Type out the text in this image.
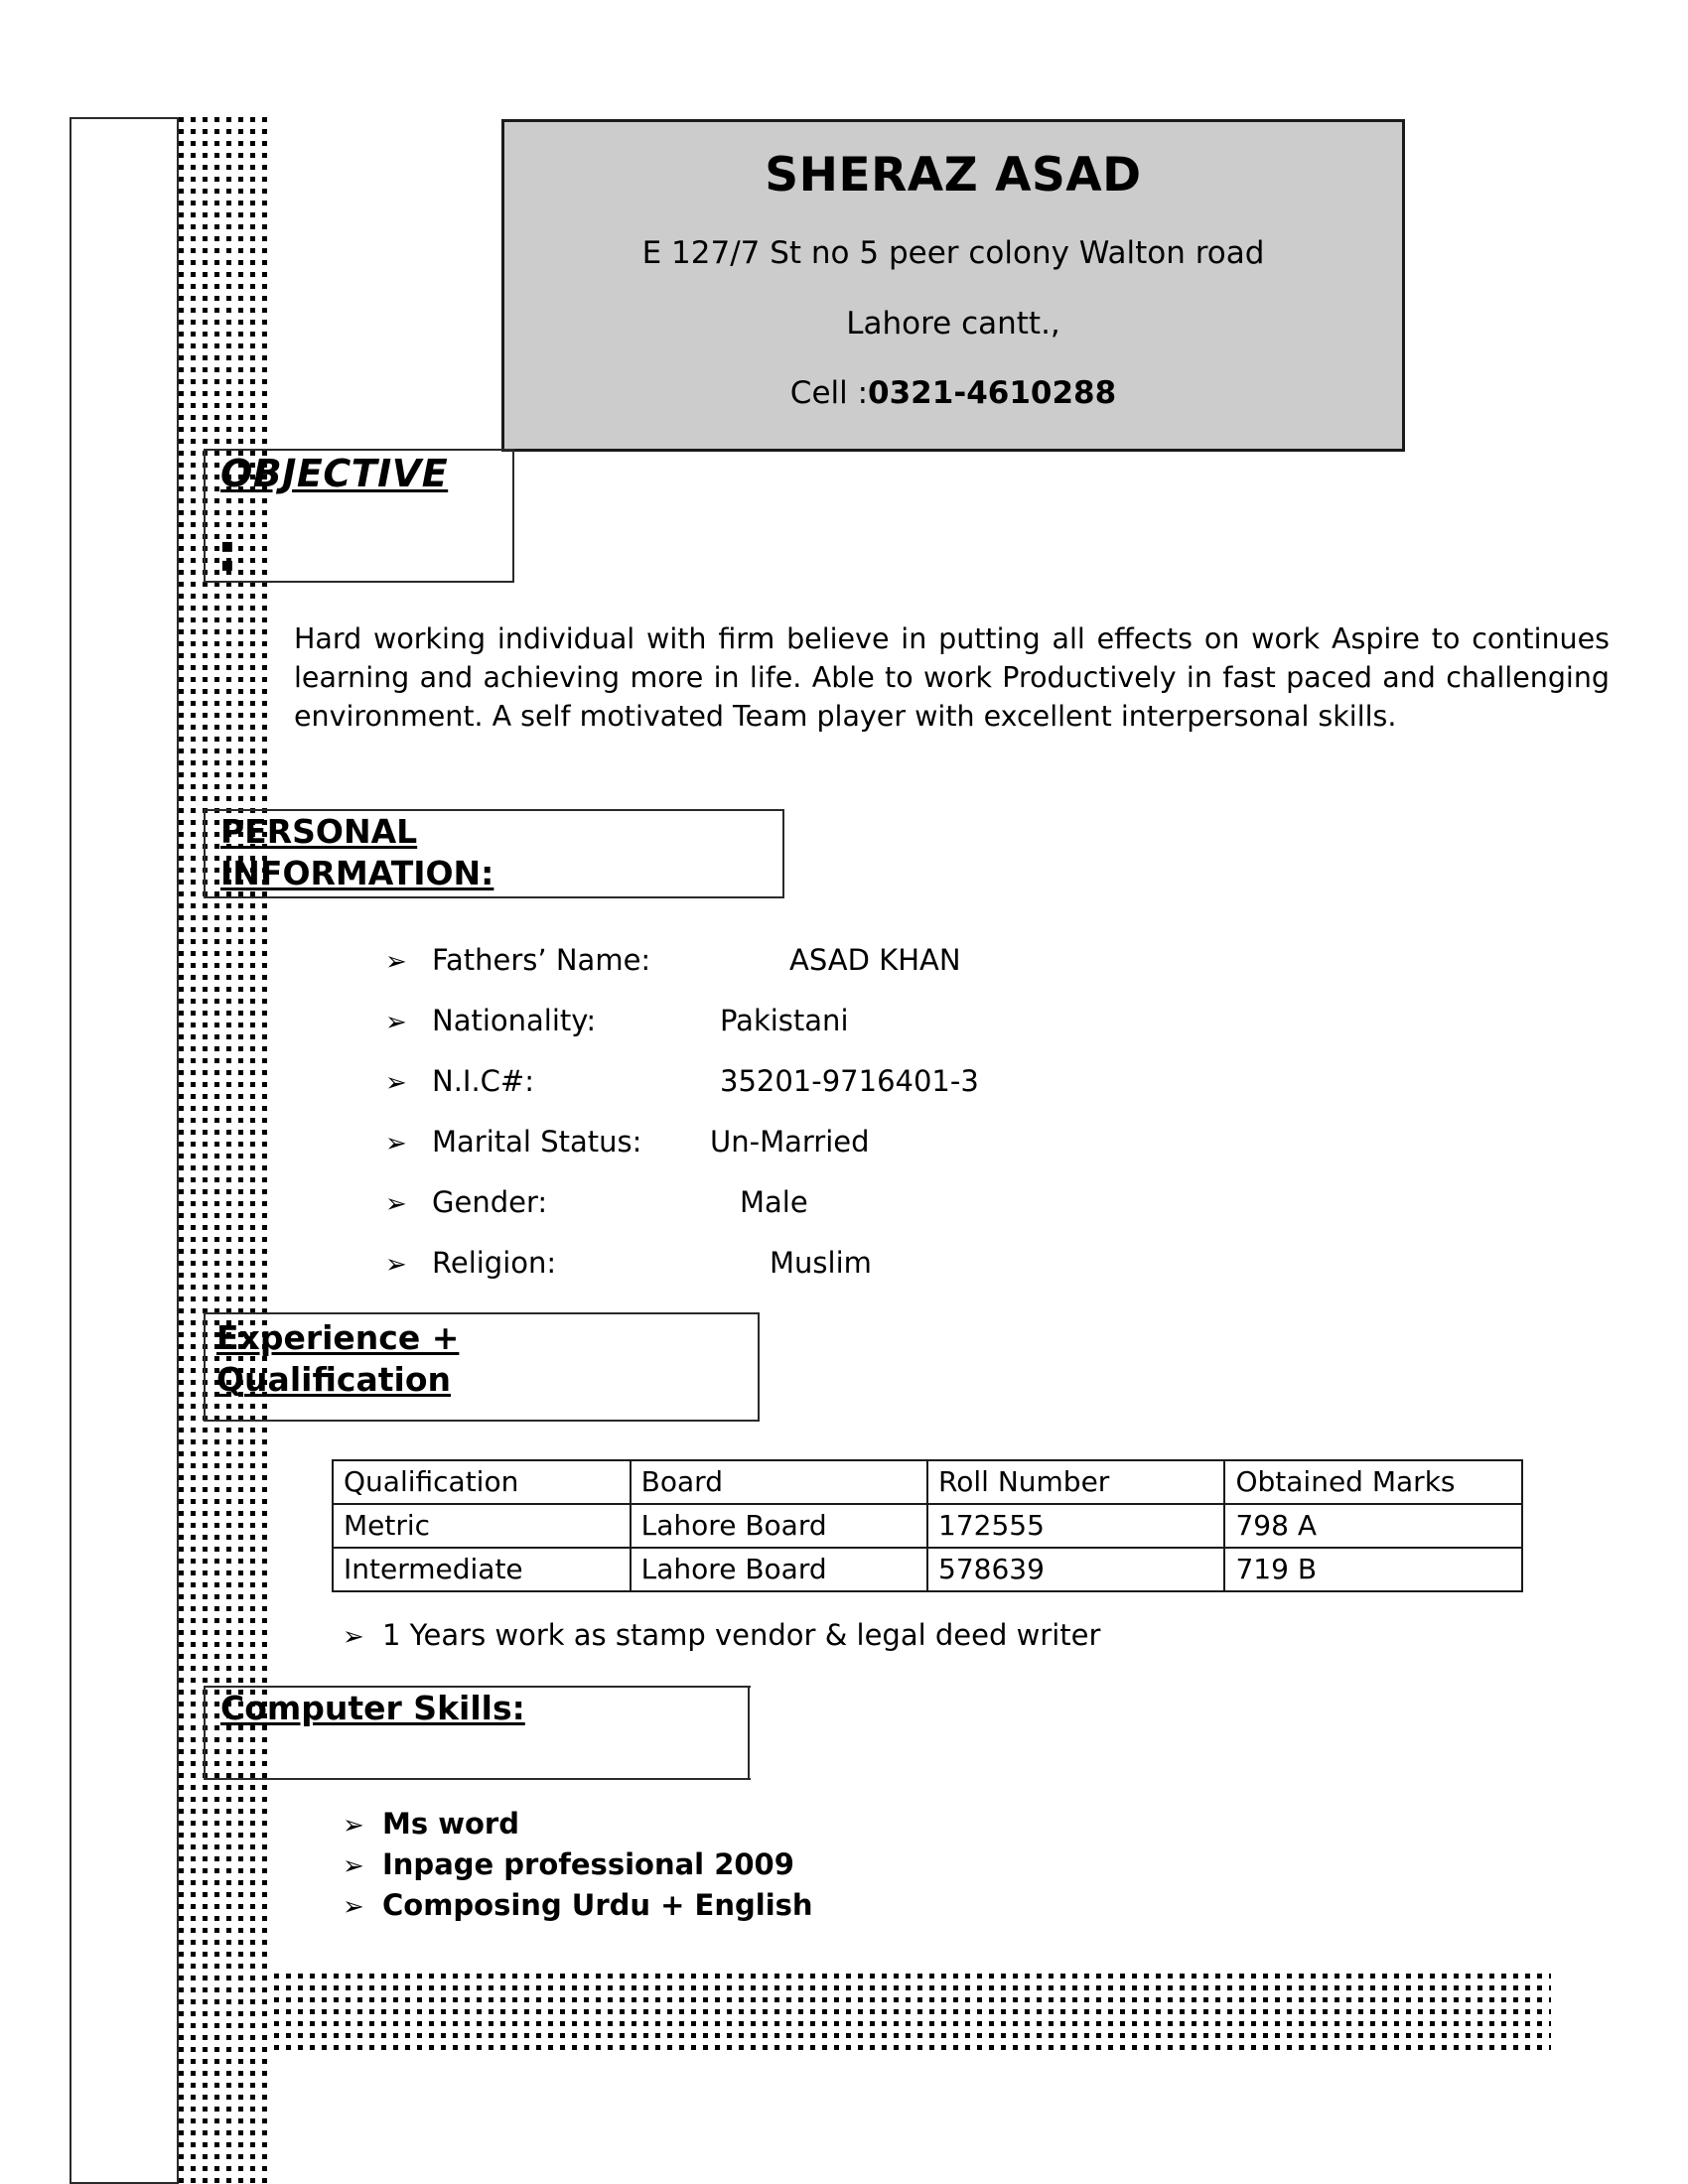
SHERAZ ASAD
E 127/7 St no 5 peer colony Walton road
Lahore cantt.,
Cell :0321-4610288
OBJECTIVE
▪
▪
Hard working individual with firm believe in putting all effects on work Aspire to continues learning and achieving more in life. Able to work Productively in fast paced and challenging environment. A self motivated Team player with excellent interpersonal skills.
PERSONAL
INFORMATION:
➢ Fathers’ Name:	ASAD KHAN
➢ Nationality:	Pakistani
➢ N.I.C#:	35201-9716401-3
➢ Marital Status:	Un-Married
➢ Gender:	Male
➢ Religion:	Muslim
Experience +
Qualification
Qualification	Board	Roll Number	Obtained Marks
Metric	Lahore Board	172555	798 A
Intermediate	Lahore Board	578639	719 B
➢ 1 Years work as stamp vendor & legal deed writer
Computer Skills:
➢ Ms word
➢ Inpage professional 2009
➢ Composing Urdu + English
